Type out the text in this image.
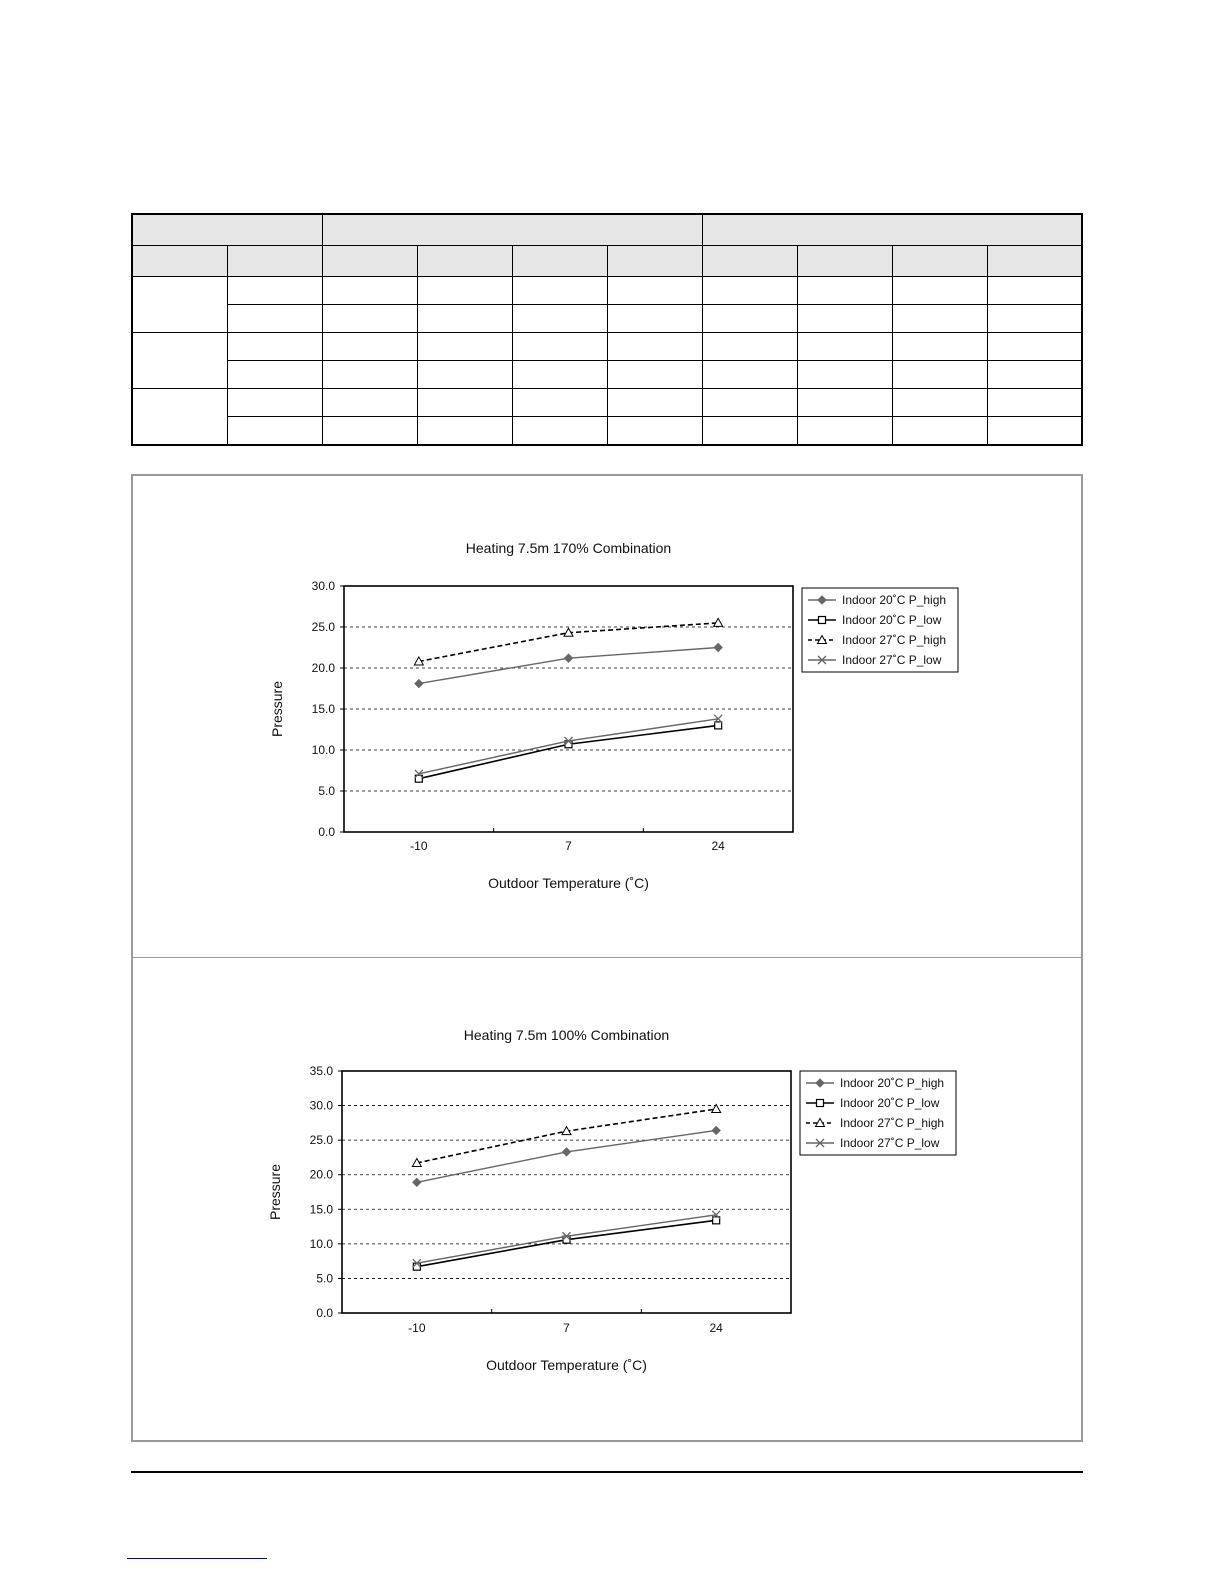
Heating 7.5m 170% Combination
0.0
5.0
10.0
15.0
20.0
25.0
30.0
-10	7	24
Outdoor Temperature (˚C)
Pressure
Indoor 20˚C P_high
Indoor 20˚C P_low
Indoor 27˚C P_high
Indoor 27˚C P_low
Heating 7.5m 100% Combination
0.0
5.0
10.0
15.0
20.0
25.0
30.0
35.0
-10	7	24
Outdoor Temperature (˚C)
Pressure
Indoor 20˚C P_high
Indoor 20˚C P_low
Indoor 27˚C P_high
Indoor 27˚C P_low
